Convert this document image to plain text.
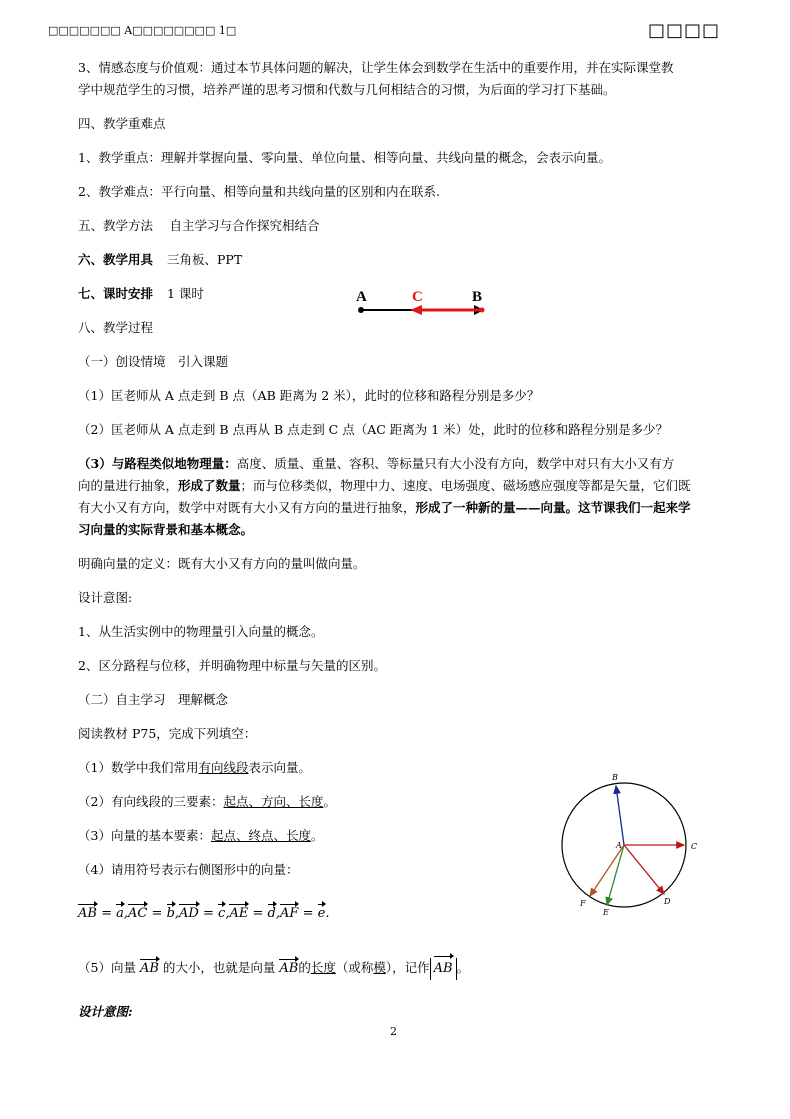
□□□□□□□ A□□□□□□□□ 1□	□□□□
3、情感态度与价值观：通过本节具体问题的解决，让学生体会到数学在生活中的重要作用，并在实际课堂教
学中规范学生的习惯，培养严谨的思考习惯和代数与几何相结合的习惯，为后面的学习打下基础。
四、教学重难点
1、教学重点：理解并掌握向量、零向量、单位向量、相等向量、共线向量的概念，会表示向量。
2、教学难点：平行向量、相等向量和共线向量的区别和内在联系.
五、教学方法　 自主学习与合作探究相结合
六、教学用具 三角板、PPT
七、课时安排 1 课时	A	C	B
八、教学过程
（一）创设情境　引入课题
（1）匡老师从 A 点走到 B 点（AB 距离为 2 米），此时的位移和路程分别是多少？
（2）匡老师从 A 点走到 B 点再从 B 点走到 C 点（AC 距离为 1 米）处，此时的位移和路程分别是多少？
（3）与路程类似地物理量：高度、质量、重量、容积、等标量只有大小没有方向，数学中对只有大小又有方
向的量进行抽象，形成了数量；而与位移类似，物理中力、速度、电场强度、磁场感应强度等都是矢量，它们既
有大小又有方向，数学中对既有大小又有方向的量进行抽象，形成了一种新的量——向量。这节课我们一起来学
习向量的实际背景和基本概念。
明确向量的定义：既有大小又有方向的量叫做向量。
设计意图:
1、从生活实例中的物理量引入向量的概念。
2、区分路程与位移，并明确物理中标量与矢量的区别。
（二）自主学习　理解概念
阅读教材 P75，完成下列填空：
（1）数学中我们常用有向线段表示向量。
（2）有向线段的三要素：起点、方向、长度。
（3）向量的基本要素：起点、终点、长度。
（4）请用符号表示右侧图形中的向量：
AB = a,AC = b,AD = c,AE = d,AF = e.
（5）向量 AB 的大小，也就是向量 AB的长度（或称模），记作 AB 。
设计意图:
B
A	C
D
E
F
2
